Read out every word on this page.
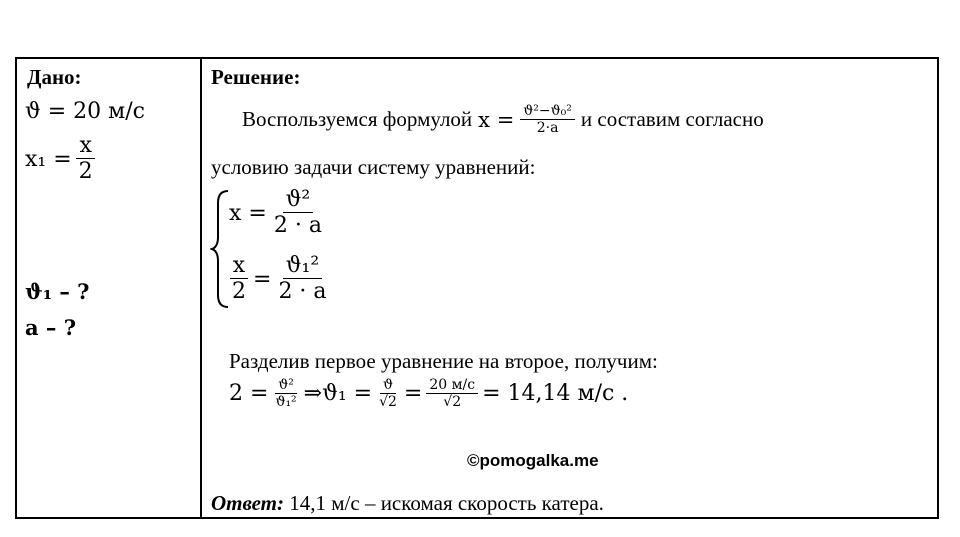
Дано:
ϑ = 20 м/с
$x_1 = \frac{x}{2}$
ϑ₁ – ?
a – ?
Решение:
Воспользуемся формулой $x = \frac{\text{ϑ²−ϑ₀²}}{2\cdot a}$ и составим согласно
условию задачи систему уравнений:
$x = \frac{\text{ϑ²}}{2 \cdot a}$
$\frac{x}{2} = \frac{\text{ϑ₁²}}{2 \cdot a}$
Разделив первое уравнение на второе, получим:
$2 = \frac{\text{ϑ²}}{\text{ϑ₁²}}$ ⇒ϑ₁ = $\frac{ϑ}{√2} = \frac{20 м/с}{√2} = 14,14$ м/с .
©pomogalka.me
Ответ: 14,1 м/с – искомая скорость катера.
